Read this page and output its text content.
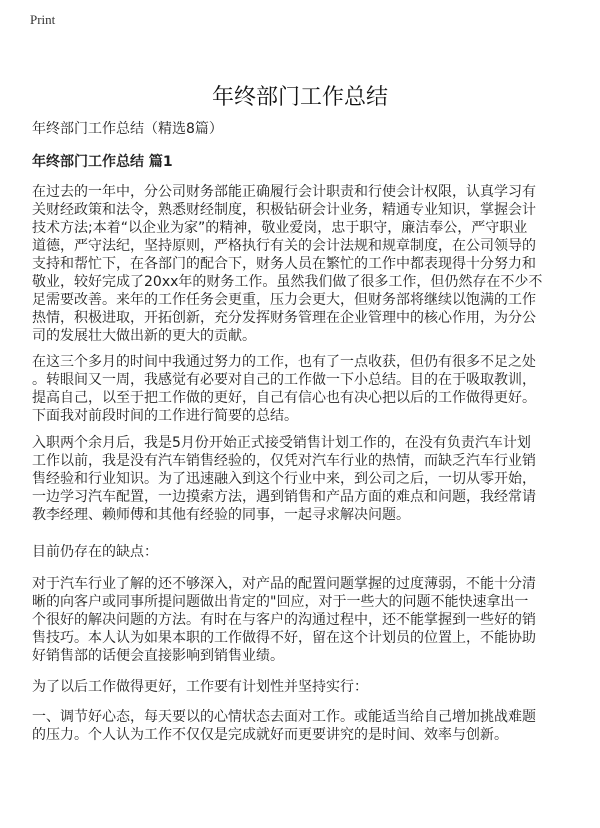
Print
年终部门工作总结
年终部门工作总结（精选8篇）
年终部门工作总结 篇1
在过去的一年中，分公司财务部能正确履行会计职责和行使会计权限，认真学习有
关财经政策和法令，熟悉财经制度，积极钻研会计业务，精通专业知识，掌握会计
技术方法;本着“以企业为家”的精神，敬业爱岗，忠于职守，廉洁奉公，严守职业
道德，严守法纪，坚持原则，严格执行有关的会计法规和规章制度，在公司领导的
支持和帮忙下，在各部门的配合下，财务人员在繁忙的工作中都表现得十分努力和
敬业，较好完成了20xx年的财务工作。虽然我们做了很多工作，但仍然存在不少不
足需要改善。来年的工作任务会更重，压力会更大，但财务部将继续以饱满的工作
热情，积极进取，开拓创新，充分发挥财务管理在企业管理中的核心作用，为分公
司的发展壮大做出新的更大的贡献。
在这三个多月的时间中我通过努力的工作，也有了一点收获，但仍有很多不足之处
。转眼间又一周，我感觉有必要对自己的工作做一下小总结。目的在于吸取教训，
提高自己，以至于把工作做的更好，自己有信心也有决心把以后的工作做得更好。
下面我对前段时间的工作进行简要的总结。
入职两个余月后，我是5月份开始正式接受销售计划工作的，在没有负责汽车计划
工作以前，我是没有汽车销售经验的，仅凭对汽车行业的热情，而缺乏汽车行业销
售经验和行业知识。为了迅速融入到这个行业中来，到公司之后，一切从零开始，
一边学习汽车配置，一边摸索方法，遇到销售和产品方面的难点和问题，我经常请
教李经理、赖师傅和其他有经验的同事，一起寻求解决问题。
目前仍存在的缺点：
对于汽车行业了解的还不够深入，对产品的配置问题掌握的过度薄弱，不能十分清
晰的向客户或同事所提问题做出肯定的"回应，对于一些大的问题不能快速拿出一
个很好的解决问题的方法。有时在与客户的沟通过程中，还不能掌握到一些好的销
售技巧。本人认为如果本职的工作做得不好，留在这个计划员的位置上，不能协助
好销售部的话便会直接影响到销售业绩。
为了以后工作做得更好，工作要有计划性并坚持实行：
一、调节好心态，每天要以的心情状态去面对工作。或能适当给自己增加挑战难题
的压力。个人认为工作不仅仅是完成就好而更要讲究的是时间、效率与创新。
